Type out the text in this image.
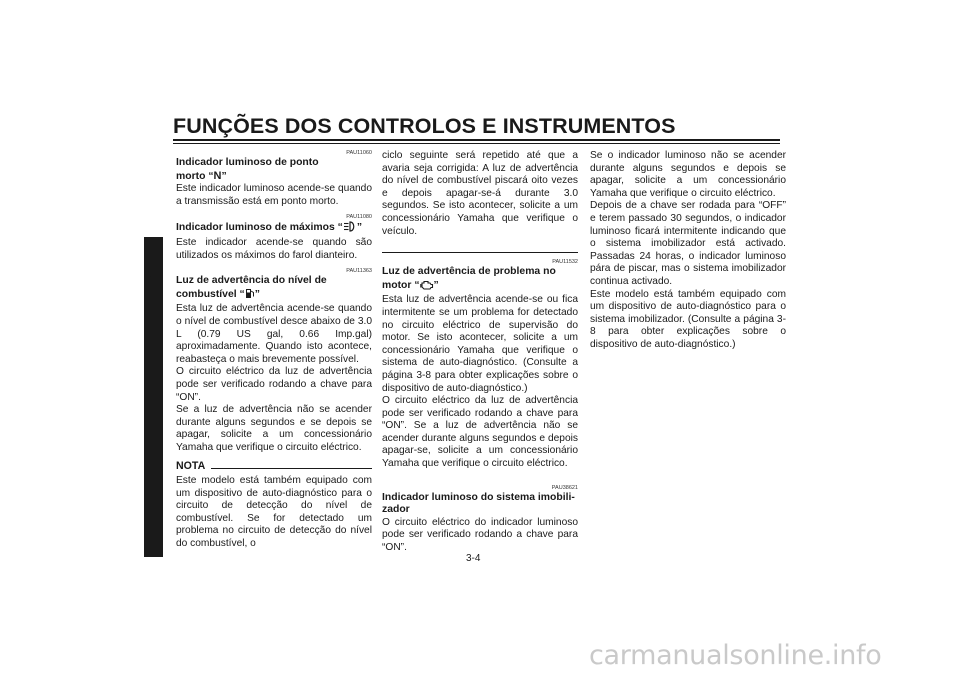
FUNÇÕES DOS CONTROLOS E INSTRUMENTOS
3
PAU11060
Indicador luminoso de ponto
morto “N”

Este indicador luminoso acende-se quando a transmissão está em ponto morto.

PAU11080
Indicador luminoso de máximos “ ”

Este indicador acende-se quando são utilizados os máximos do farol dianteiro.

PAU11363
Luz de advertência do nível de
combustível “ ”

Esta luz de advertência acende-se quando o nível de combustível desce abaixo de 3.0 L (0.79 US gal, 0.66 Imp.gal) aproximadamente. Quando isto acontece, reabasteça o mais brevemente possível.

O circuito eléctrico da luz de advertência pode ser verificado rodando a chave para “ON”.

Se a luz de advertência não se acender durante alguns segundos e se depois se apagar, solicite a um concessionário Yamaha que verifique o circuito eléctrico.

NOTA

Este modelo está também equipado com um dispositivo de auto-diagnóstico para o circuito de detecção do nível de combustível. Se for detectado um problema no circuito de detecção do nível do combustível, o

ciclo seguinte será repetido até que a avaria seja corrigida: A luz de advertência do nível de combustível piscará oito vezes e depois apagar-se-á durante 3.0 segundos. Se isto acontecer, solicite a um concessionário Yamaha que verifique o veículo.

PAU11532
Luz de advertência de problema no
motor “ ”

Esta luz de advertência acende-se ou fica intermitente se um problema for detectado no circuito eléctrico de supervisão do motor. Se isto acontecer, solicite a um concessionário Yamaha que verifique o sistema de auto-diagnóstico. (Consulte a página 3-8 para obter explicações sobre o dispositivo de auto-diagnóstico.)

O circuito eléctrico da luz de advertência pode ser verificado rodando a chave para “ON”. Se a luz de advertência não se acender durante alguns segundos e depois apagar-se, solicite a um concessionário Yamaha que verifique o circuito eléctrico.

PAU38621
Indicador luminoso do sistema imobili-
zador

O circuito eléctrico do indicador luminoso pode ser verificado rodando a chave para “ON”.

Se o indicador luminoso não se acender durante alguns segundos e depois se apagar, solicite a um concessionário Yamaha que verifique o circuito eléctrico.

Depois de a chave ser rodada para “OFF” e terem passado 30 segundos, o indicador luminoso ficará intermitente indicando que o sistema imobilizador está activado. Passadas 24 horas, o indicador luminoso pára de piscar, mas o sistema imobilizador continua activado.

Este modelo está também equipado com um dispositivo de auto-diagnóstico para o sistema imobilizador. (Consulte a página 3-8 para obter explicações sobre o dispositivo de auto-diagnóstico.)

3-4
carmanualsonline.info
